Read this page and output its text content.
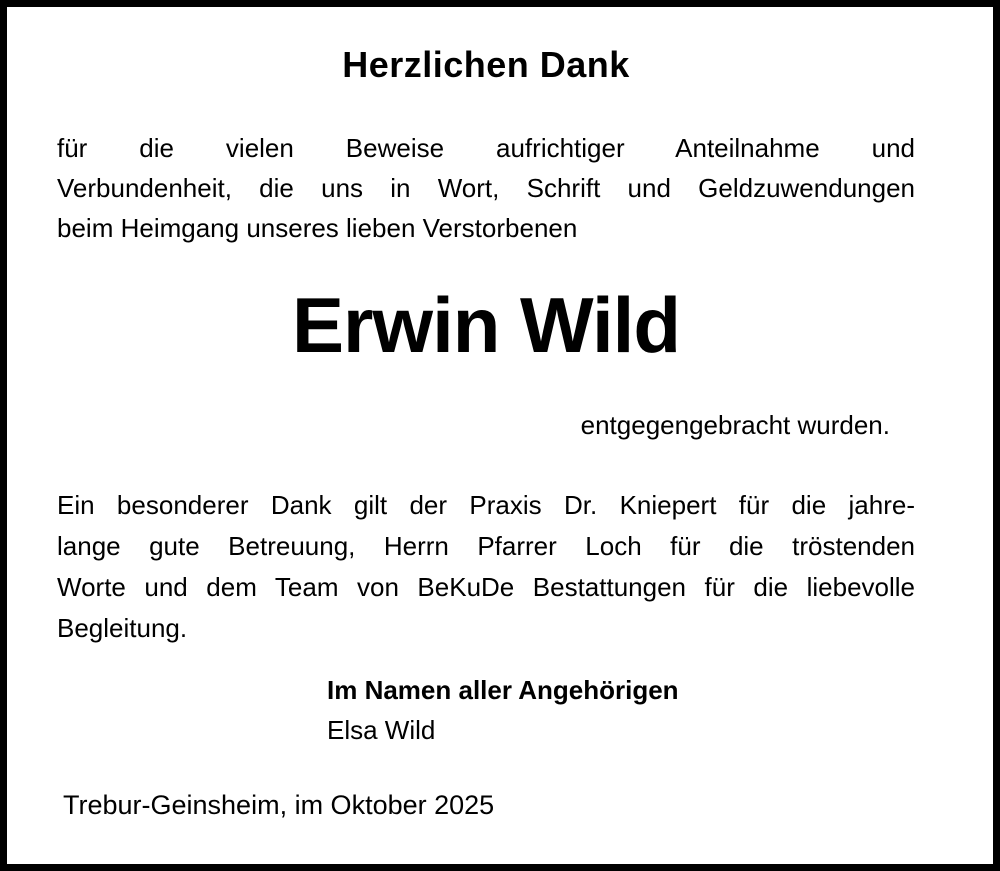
Herzlichen Dank
für die vielen Beweise aufrichtiger Anteilnahme und
Verbundenheit, die uns in Wort, Schrift und Geldzuwendungen
beim Heimgang unseres lieben Verstorbenen
Erwin Wild
entgegengebracht wurden.
Ein besonderer Dank gilt der Praxis Dr. Kniepert für die jahre-
lange gute Betreuung, Herrn Pfarrer Loch für die tröstenden
Worte und dem Team von BeKuDe Bestattungen für die liebevolle
Begleitung.
Im Namen aller Angehörigen
Elsa Wild
Trebur-Geinsheim, im Oktober 2025
